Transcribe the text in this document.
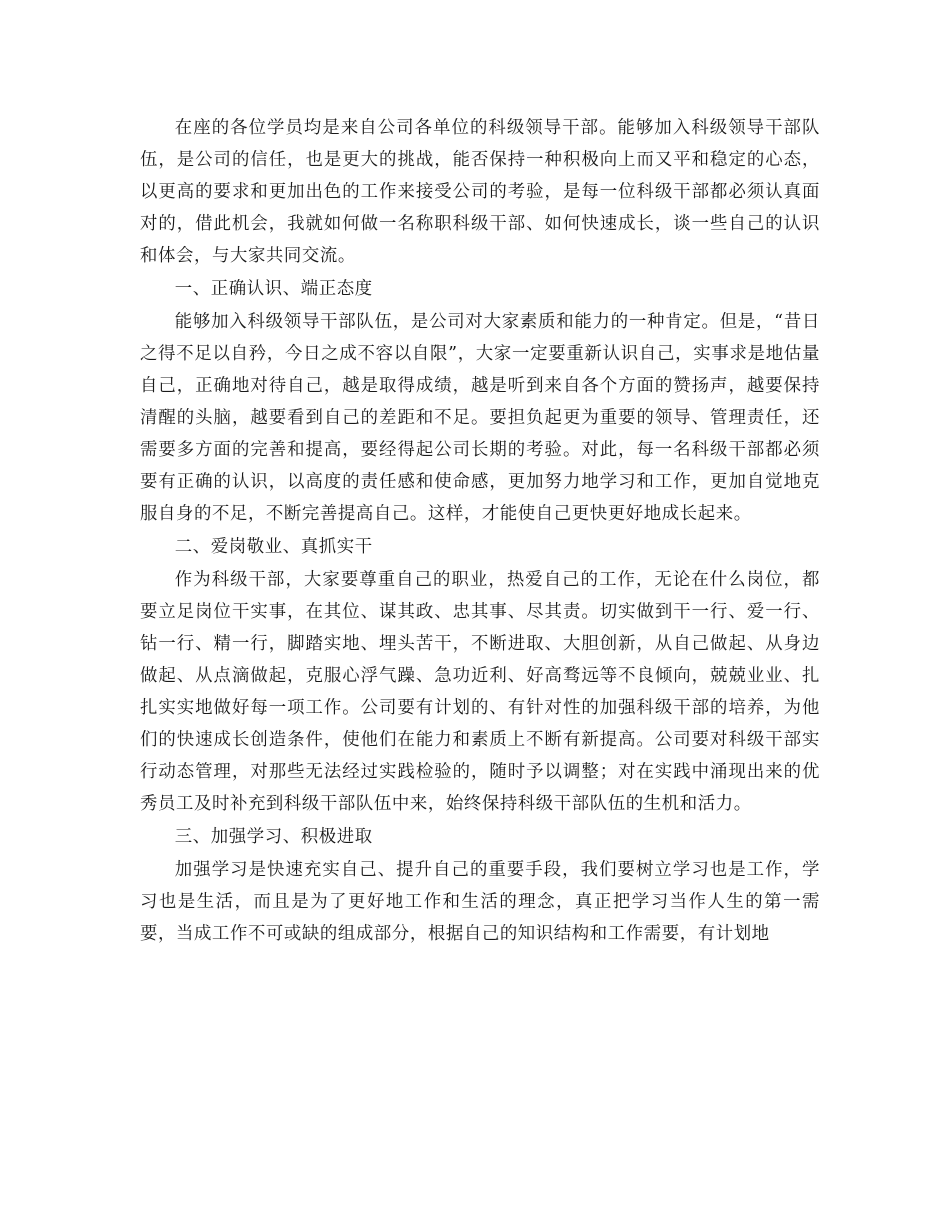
在座的各位学员均是来自公司各单位的科级领导干部。能够加入科级领导干部队伍，是公司的信任，也是更大的挑战，能否保持一种积极向上而又平和稳定的心态，以更高的要求和更加出色的工作来接受公司的考验，是每一位科级干部都必须认真面对的，借此机会，我就如何做一名称职科级干部、如何快速成长，谈一些自己的认识和体会，与大家共同交流。

一、正确认识、端正态度

能够加入科级领导干部队伍，是公司对大家素质和能力的一种肯定。但是，“昔日之得不足以自矜，今日之成不容以自限”，大家一定要重新认识自己，实事求是地估量自己，正确地对待自己，越是取得成绩，越是听到来自各个方面的赞扬声，越要保持清醒的头脑，越要看到自己的差距和不足。要担负起更为重要的领导、管理责任，还需要多方面的完善和提高，要经得起公司长期的考验。对此，每一名科级干部都必须要有正确的认识，以高度的责任感和使命感，更加努力地学习和工作，更加自觉地克服自身的不足，不断完善提高自己。这样，才能使自己更快更好地成长起来。

二、爱岗敬业、真抓实干

作为科级干部，大家要尊重自己的职业，热爱自己的工作，无论在什么岗位，都要立足岗位干实事，在其位、谋其政、忠其事、尽其责。切实做到干一行、爱一行、钻一行、精一行，脚踏实地、埋头苦干，不断进取、大胆创新，从自己做起、从身边做起、从点滴做起，克服心浮气躁、急功近利、好高骛远等不良倾向，兢兢业业、扎扎实实地做好每一项工作。公司要有计划的、有针对性的加强科级干部的培养，为他们的快速成长创造条件，使他们在能力和素质上不断有新提高。公司要对科级干部实行动态管理，对那些无法经过实践检验的，随时予以调整；对在实践中涌现出来的优秀员工及时补充到科级干部队伍中来，始终保持科级干部队伍的生机和活力。

三、加强学习、积极进取

加强学习是快速充实自己、提升自己的重要手段，我们要树立学习也是工作，学习也是生活，而且是为了更好地工作和生活的理念，真正把学习当作人生的第一需要，当成工作不可或缺的组成部分，根据自己的知识结构和工作需要，有计划地
